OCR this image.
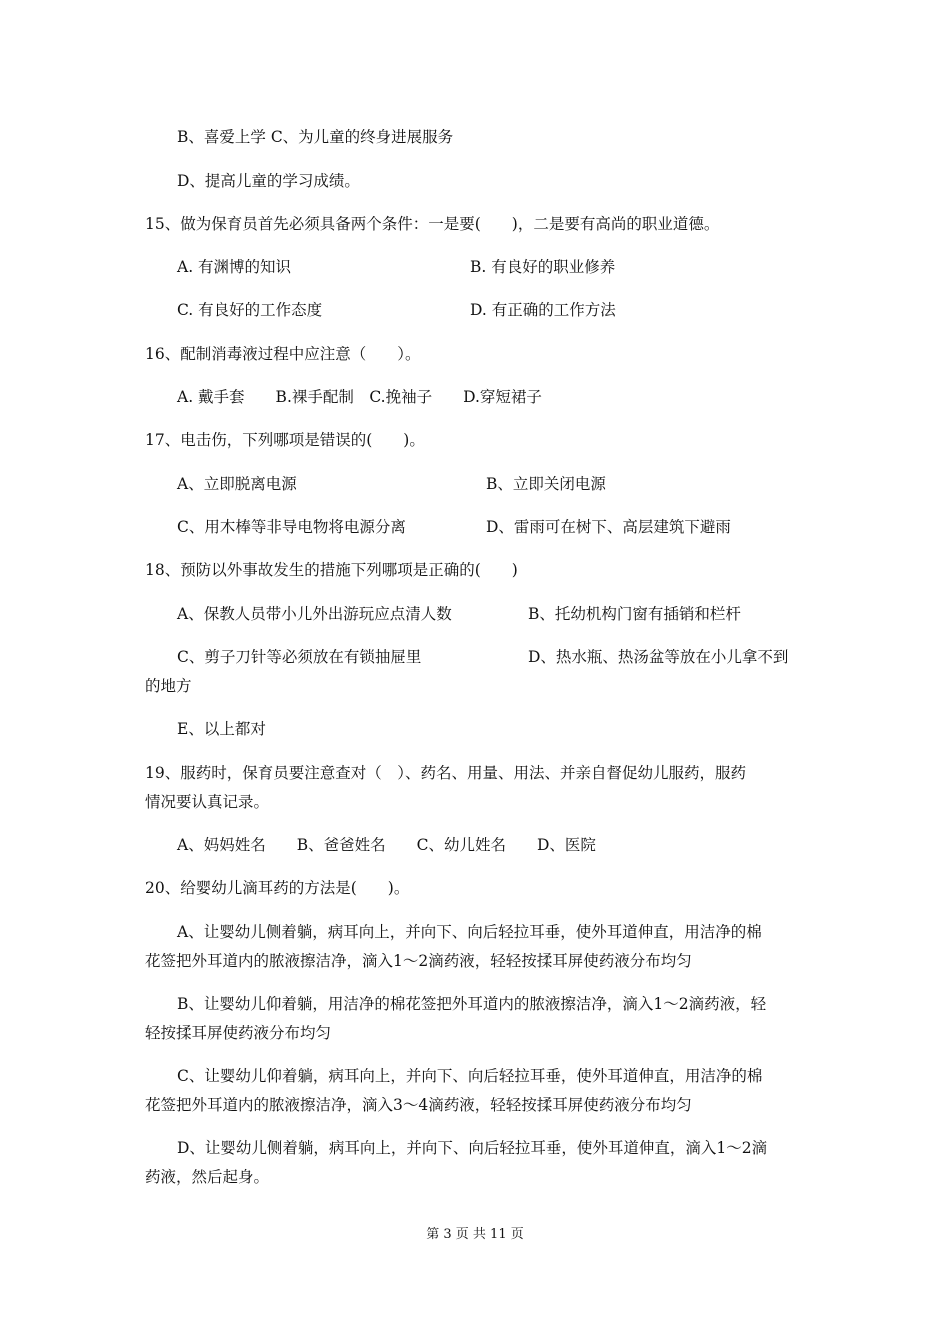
B、喜爱上学 C、为儿童的终身进展服务
D、提高儿童的学习成绩。
15、做为保育员首先必须具备两个条件：一是要(　　)，二是要有高尚的职业道德。
A. 有渊博的知识	B. 有良好的职业修养
C. 有良好的工作态度	D. 有正确的工作方法
16、配制消毒液过程中应注意（　　）。
A. 戴手套　　B.裸手配制　C.挽袖子　　D.穿短裙子
17、电击伤，下列哪项是错误的(　　)。
A、立即脱离电源	B、立即关闭电源
C、用木棒等非导电物将电源分离	D、雷雨可在树下、高层建筑下避雨
18、预防以外事故发生的措施下列哪项是正确的(　　)
A、保教人员带小儿外出游玩应点清人数	B、托幼机构门窗有插销和栏杆
C、剪子刀针等必须放在有锁抽屉里	D、热水瓶、热汤盆等放在小儿拿不到
的地方
E、以上都对
19、服药时，保育员要注意查对（　）、药名、用量、用法、并亲自督促幼儿服药，服药
情况要认真记录。
A、妈妈姓名　　B、爸爸姓名　　C、幼儿姓名　　D、医院
20、给婴幼儿滴耳药的方法是(　　)。
A、让婴幼儿侧着躺，病耳向上，并向下、向后轻拉耳垂，使外耳道伸直，用洁净的棉
花签把外耳道内的脓液擦洁净，滴入1～2滴药液，轻轻按揉耳屏使药液分布均匀
B、让婴幼儿仰着躺，用洁净的棉花签把外耳道内的脓液擦洁净，滴入1～2滴药液，轻
轻按揉耳屏使药液分布均匀
C、让婴幼儿仰着躺，病耳向上，并向下、向后轻拉耳垂，使外耳道伸直，用洁净的棉
花签把外耳道内的脓液擦洁净，滴入3～4滴药液，轻轻按揉耳屏使药液分布均匀
D、让婴幼儿侧着躺，病耳向上，并向下、向后轻拉耳垂，使外耳道伸直，滴入1～2滴
药液，然后起身。
第 3 页 共 11 页
